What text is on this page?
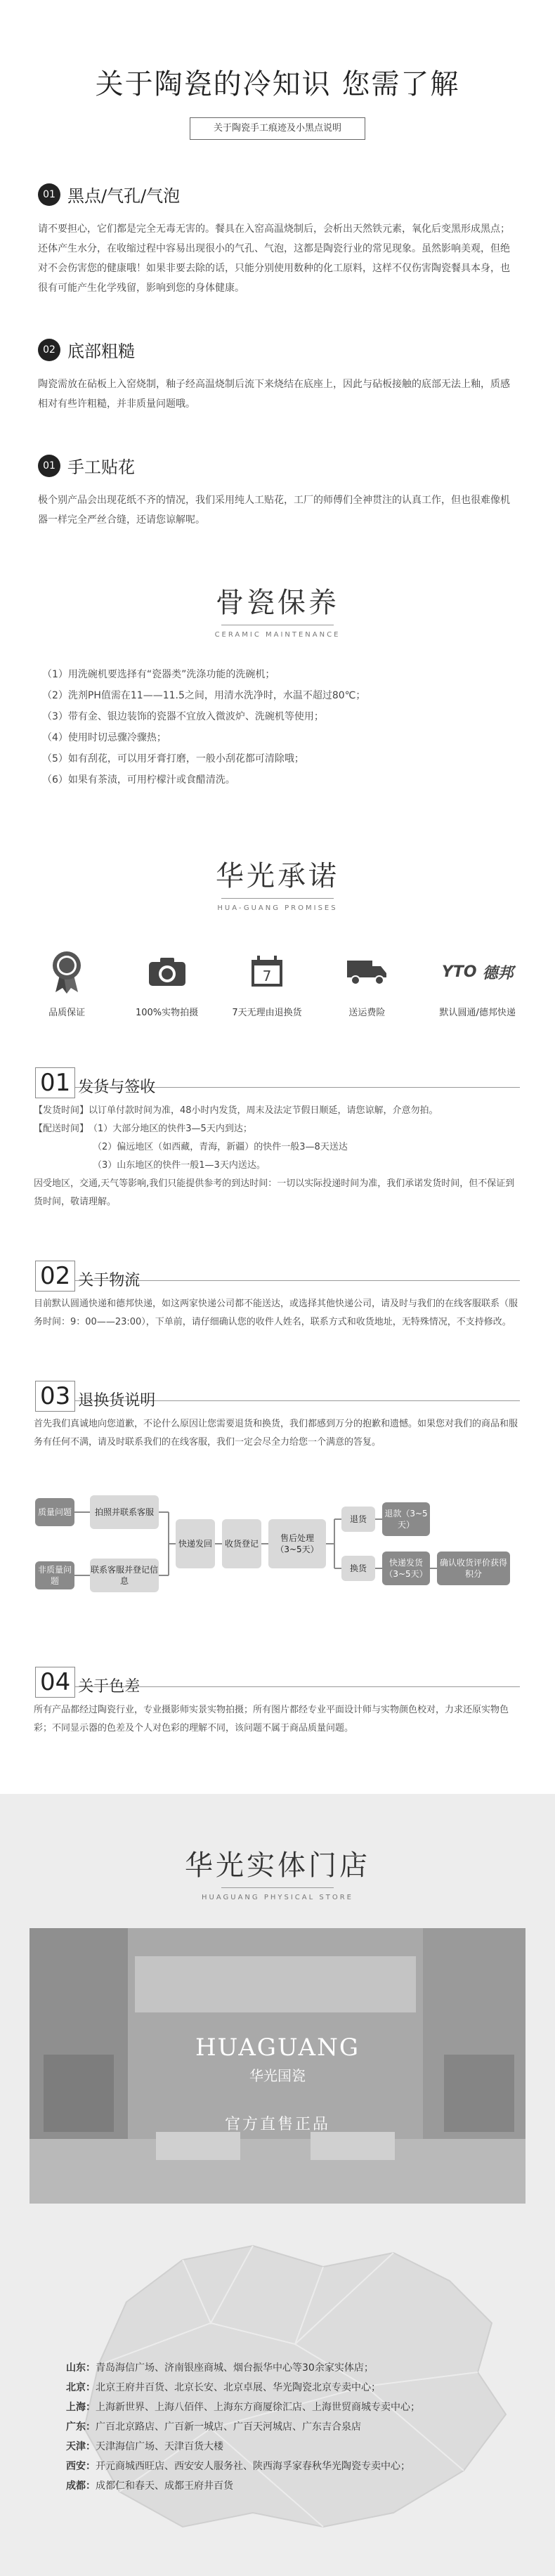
关于陶瓷的冷知识 您需了解
关于陶瓷手工痕迹及小黑点说明
01 黑点/气孔/气泡
请不要担心，它们都是完全无毒无害的。餐具在入窑高温烧制后，会析出天然铁元素，氧化后变黑形成黑点；还体产生水分，在收缩过程中容易出现很小的气孔、气泡，这都是陶瓷行业的常见现象。虽然影响美观，但绝对不会伤害您的健康哦！如果非要去除的话，只能分别使用数种的化工原料，这样不仅伤害陶瓷餐具本身，也很有可能产生化学残留，影响到您的身体健康。
02 底部粗糙
陶瓷需放在砧板上入窑烧制，釉子经高温烧制后流下来烧结在底座上，因此与砧板接触的底部无法上釉，质感相对有些许粗糙，并非质量问题哦。
01 手工贴花
极个别产品会出现花纸不齐的情况，我们采用纯人工贴花，工厂的师傅们全神贯注的认真工作，但也很难像机器一样完全严丝合缝，还请您谅解呢。
骨瓷保养
CERAMIC MAINTENANCE
（1）用洗碗机要选择有“瓷器类”洗涤功能的洗碗机；
（2）洗剂PH值需在11——11.5之间，用清水洗净时，水温不超过80℃；
（3）带有金、银边装饰的瓷器不宜放入微波炉、洗碗机等使用；
（4）使用时切忌骤冷骤热；
（5）如有刮花，可以用牙膏打磨，一般小刮花都可清除哦；
（6）如果有茶渍，可用柠檬汁或食醋清洗。
华光承诺
HUA-GUANG PROMISES
品质保证	100%实物拍摄
7
7天无理由退换货	送运费险
YTO 德邦
默认圆通/德邦快递
01 发货与签收
【发货时间】 以订单付款时间为准，48小时内发货，周末及法定节假日顺延，请您谅解，介意勿拍。
【配送时间】 （1）大部分地区的快件3—5天内到达；
（2）偏远地区（如西藏，青海，新疆）的快件一般3—8天送达
（3）山东地区的快件一般1—3天内送达。
因受地区，交通,天气等影响,我们只能提供参考的到达时间：一切以实际投递时间为准，我们承诺发货时间，但不保证到货时间，敬请理解。
02 关于物流
目前默认圆通快递和德邦快递，如这两家快递公司都不能送达，或选择其他快递公司，请及时与我们的在线客服联系（服务时间：9：00——23:00），下单前，请仔细确认您的收件人姓名，联系方式和收货地址，无特殊情况，不支持修改。
03 退换货说明
首先我们真诚地向您道歉，不论什么原因让您需要退货和换货，我们都感到万分的抱歉和遗憾。如果您对我们的商品和服务有任何不满，请及时联系我们的在线客服，我们一定会尽全力给您一个满意的答复。
质量问题
非质量问题
拍照并联系客服
联系客服并登记信息
快递发回	收货登记
售后处理（3~5天）
退货
换货
退款（3~5天）
快递发货（3~5天）
确认收货评价获得积分
04 关于色差
所有产品都经过陶瓷行业，专业摄影师实景实物拍摄；所有图片都经专业平面设计师与实物颜色校对，力求还原实物色彩；不同显示器的色差及个人对色彩的理解不同，该问题不属于商品质量问题。
华光实体门店
HUAGUANG PHYSICAL STORE
HUAGUANG
华光国瓷
官方直售正品
山东：青岛海信广场、济南银座商城、烟台振华中心等30余家实体店；
北京：北京王府井百货、北京长安、北京卓展、华光陶瓷北京专卖中心；
上海：上海新世界、上海八佰伴、上海东方商厦徐汇店、上海世贸商城专卖中心；
广东：广百北京路店、广百新一城店、广百天河城店、广东吉合泉店
天津：天津海信广场、天津百货大楼
西安：开元商城西旺店、西安安人服务社、陕西海孚家春秋华光陶瓷专卖中心；
成都：成都仁和春天、成都王府井百货
